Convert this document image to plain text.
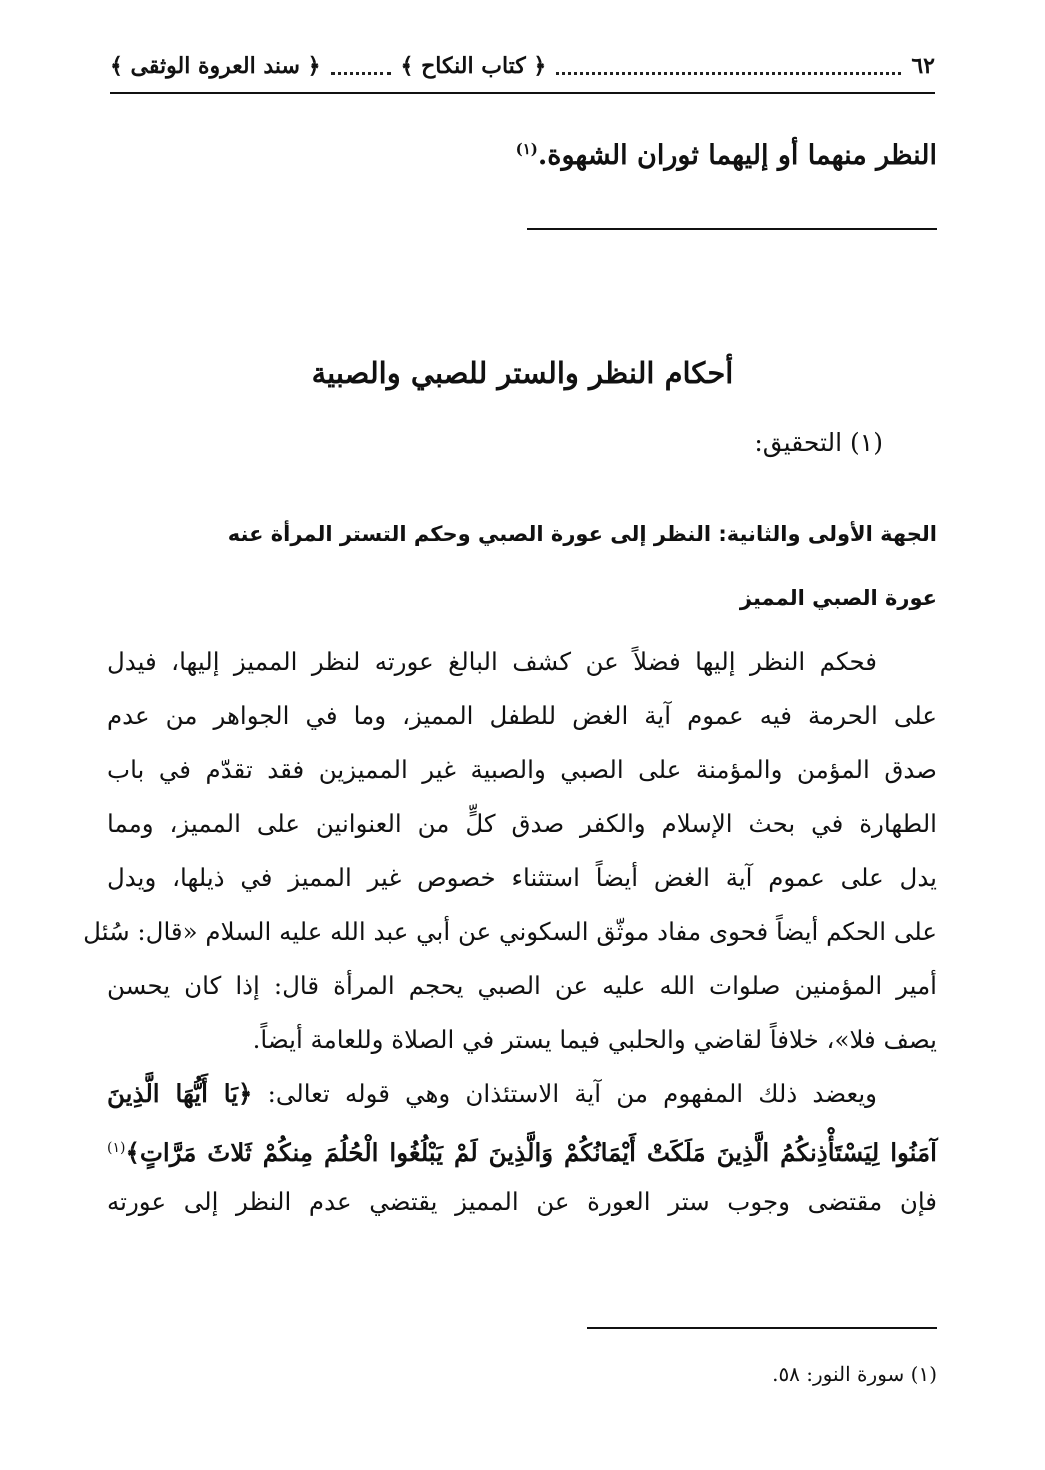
٦٢
﴿ كتاب النكاح ﴾
﴿ سند العروة الوثقى ﴾
النظر منهما أو إليهما ثوران الشهوة.$^{(١)}$
أحكام النظر والستر للصبي والصبية
(١) التحقيق:
الجهة الأولى والثانية: النظر إلى عورة الصبي وحكم التستر المرأة عنه
عورة الصبي المميز
فحكم النظر إليها فضلاً عن كشف البالغ عورته لنظر المميز إليها، فيدل
على الحرمة فيه عموم آية الغض للطفل المميز، وما في الجواهر من عدم
صدق المؤمن والمؤمنة على الصبي والصبية غير المميزين فقد تقدّم في باب
الطهارة في بحث الإسلام والكفر صدق كلٍّ من العنوانين على المميز، ومما
يدل على عموم آية الغض أيضاً استثناء خصوص غير المميز في ذيلها، ويدل
على الحكم أيضاً فحوى مفاد موثّق السكوني عن أبي عبد الله عليه السلام «قال: سُئل
أمير المؤمنين صلوات الله عليه عن الصبي يحجم المرأة قال: إذا كان يحسن
يصف فلا»، خلافاً لقاضي والحلبي فيما يستر في الصلاة وللعامة أيضاً.
ويعضد ذلك المفهوم من آية الاستئذان وهي قوله تعالى: ﴿يَا أَيُّهَا الَّذِينَ
آمَنُوا لِيَسْتَأْذِنكُمُ الَّذِينَ مَلَكَتْ أَيْمَانُكُمْ وَالَّذِينَ لَمْ يَبْلُغُوا الْحُلُمَ مِنكُمْ ثَلاثَ مَرَّاتٍ﴾$^{(١)}$
فإن مقتضى وجوب ستر العورة عن المميز يقتضي عدم النظر إلى عورته
(١) سورة النور: ٥٨.
